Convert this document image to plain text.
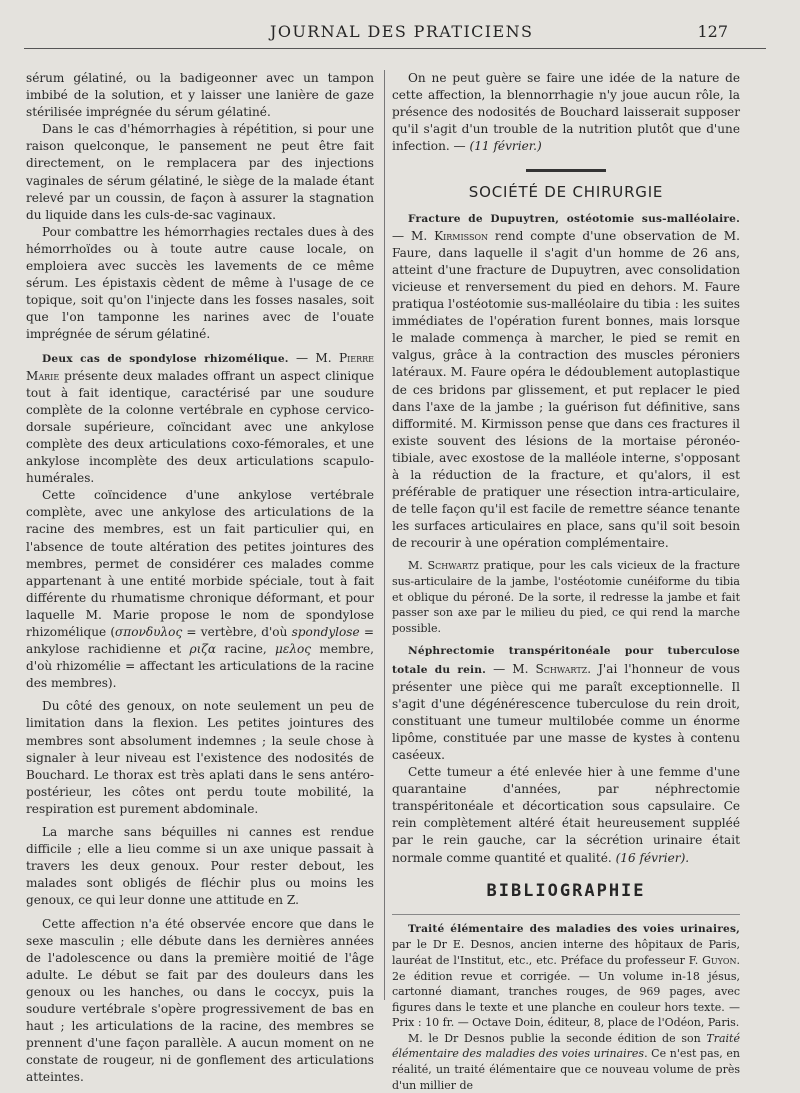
JOURNAL DES PRATICIENS	127

sérum gélatiné, ou la badigeonner avec un tampon imbibé de la solution, et y laisser une lanière de gaze stérilisée imprégnée du sérum gélatiné.

Dans le cas d'hémorrhagies à répétition, si pour une raison quelconque, le pansement ne peut être fait directement, on le remplacera par des injections vaginales de sérum gélatiné, le siège de la malade étant relevé par un coussin, de façon à assurer la stagnation du liquide dans les culs-de-sac vaginaux.

Pour combattre les hémorrhagies rectales dues à des hémorrhoïdes ou à toute autre cause locale, on emploiera avec succès les lavements de ce même sérum. Les épistaxis cèdent de même à l'usage de ce topique, soit qu'on l'injecte dans les fosses nasales, soit que l'on tamponne les narines avec de l'ouate imprégnée de sérum gélatiné.

Deux cas de spondylose rhizomélique. — M. Pierre Marie présente deux malades offrant un aspect clinique tout à fait identique, caractérisé par une soudure complète de la colonne vertébrale en cyphose cervico-dorsale supérieure, coïncidant avec une ankylose complète des deux articulations coxo-fémorales, et une ankylose incomplète des deux articulations scapulo-humérales.

Cette coïncidence d'une ankylose vertébrale complète, avec une ankylose des articulations de la racine des membres, est un fait particulier qui, en l'absence de toute altération des petites jointures des membres, permet de considérer ces malades comme appartenant à une entité morbide spéciale, tout à fait différente du rhumatisme chronique déformant, et pour laquelle M. Marie propose le nom de spondylose rhizomélique (σπονδυλος = vertèbre, d'où spondylose = ankylose rachidienne et ριζα racine, μελος membre, d'où rhizomélie = affectant les articulations de la racine des membres).

Du côté des genoux, on note seulement un peu de limitation dans la flexion. Les petites jointures des membres sont absolument indemnes ; la seule chose à signaler à leur niveau est l'existence des nodosités de Bouchard. Le thorax est très aplati dans le sens antéro-postérieur, les côtes ont perdu toute mobilité, la respiration est purement abdominale.

La marche sans béquilles ni cannes est rendue difficile ; elle a lieu comme si un axe unique passait à travers les deux genoux. Pour rester debout, les malades sont obligés de fléchir plus ou moins les genoux, ce qui leur donne une attitude en Z.

Cette affection n'a été observée encore que dans le sexe masculin ; elle débute dans les dernières années de l'adolescence ou dans la première moitié de l'âge adulte. Le début se fait par des douleurs dans les genoux ou les hanches, ou dans le coccyx, puis la soudure vertébrale s'opère progressivement de bas en haut ; les articulations de la racine, des membres se prennent d'une façon parallèle. A aucun moment on ne constate de rougeur, ni de gonflement des articulations atteintes.

On ne peut guère se faire une idée de la nature de cette affection, la blennorrhagie n'y joue aucun rôle, la présence des nodosités de Bouchard laisserait supposer qu'il s'agit d'un trouble de la nutrition plutôt que d'une infection. — (11 février.)

SOCIÉTÉ DE CHIRURGIE

Fracture de Dupuytren, ostéotomie sus-malléolaire. — M. Kirmisson rend compte d'une observation de M. Faure, dans laquelle il s'agit d'un homme de 26 ans, atteint d'une fracture de Dupuytren, avec consolidation vicieuse et renversement du pied en dehors. M. Faure pratiqua l'ostéotomie sus-malléolaire du tibia : les suites immédiates de l'opération furent bonnes, mais lorsque le malade commença à marcher, le pied se remit en valgus, grâce à la contraction des muscles péroniers latéraux. M. Faure opéra le dédoublement autoplastique de ces bridons par glissement, et put replacer le pied dans l'axe de la jambe ; la guérison fut définitive, sans difformité. M. Kirmisson pense que dans ces fractures il existe souvent des lésions de la mortaise péronéo-tibiale, avec exostose de la malléole interne, s'opposant à la réduction de la fracture, et qu'alors, il est préférable de pratiquer une résection intra-articulaire, de telle façon qu'il est facile de remettre séance tenante les surfaces articulaires en place, sans qu'il soit besoin de recourir à une opération complémentaire.

M. Schwartz pratique, pour les cals vicieux de la fracture sus-articulaire de la jambe, l'ostéotomie cunéiforme du tibia et oblique du péroné. De la sorte, il redresse la jambe et fait passer son axe par le milieu du pied, ce qui rend la marche possible.

Néphrectomie transpéritonéale pour tuberculose totale du rein. — M. Schwartz. J'ai l'honneur de vous présenter une pièce qui me paraît exceptionnelle. Il s'agit d'une dégénérescence tuberculose du rein droit, constituant une tumeur multilobée comme un énorme lipôme, constituée par une masse de kystes à contenu caséeux.

Cette tumeur a été enlevée hier à une femme d'une quarantaine d'années, par néphrectomie transpéritonéale et décortication sous capsulaire. Ce rein complètement altéré était heureusement suppléé par le rein gauche, car la sécrétion urinaire était normale comme quantité et qualité. (16 février).

BIBLIOGRAPHIE

Traité élémentaire des maladies des voies urinaires, par le Dr E. Desnos, ancien interne des hôpitaux de Paris, lauréat de l'Institut, etc., etc. Préface du professeur F. Guyon. 2e édition revue et corrigée. — Un volume in-18 jésus, cartonné diamant, tranches rouges, de 969 pages, avec figures dans le texte et une planche en couleur hors texte. — Prix : 10 fr. — Octave Doin, éditeur, 8, place de l'Odéon, Paris.

M. le Dr Desnos publie la seconde édition de son Traité élémentaire des maladies des voies urinaires. Ce n'est pas, en réalité, un traité élémentaire que ce nouveau volume de près d'un millier de
